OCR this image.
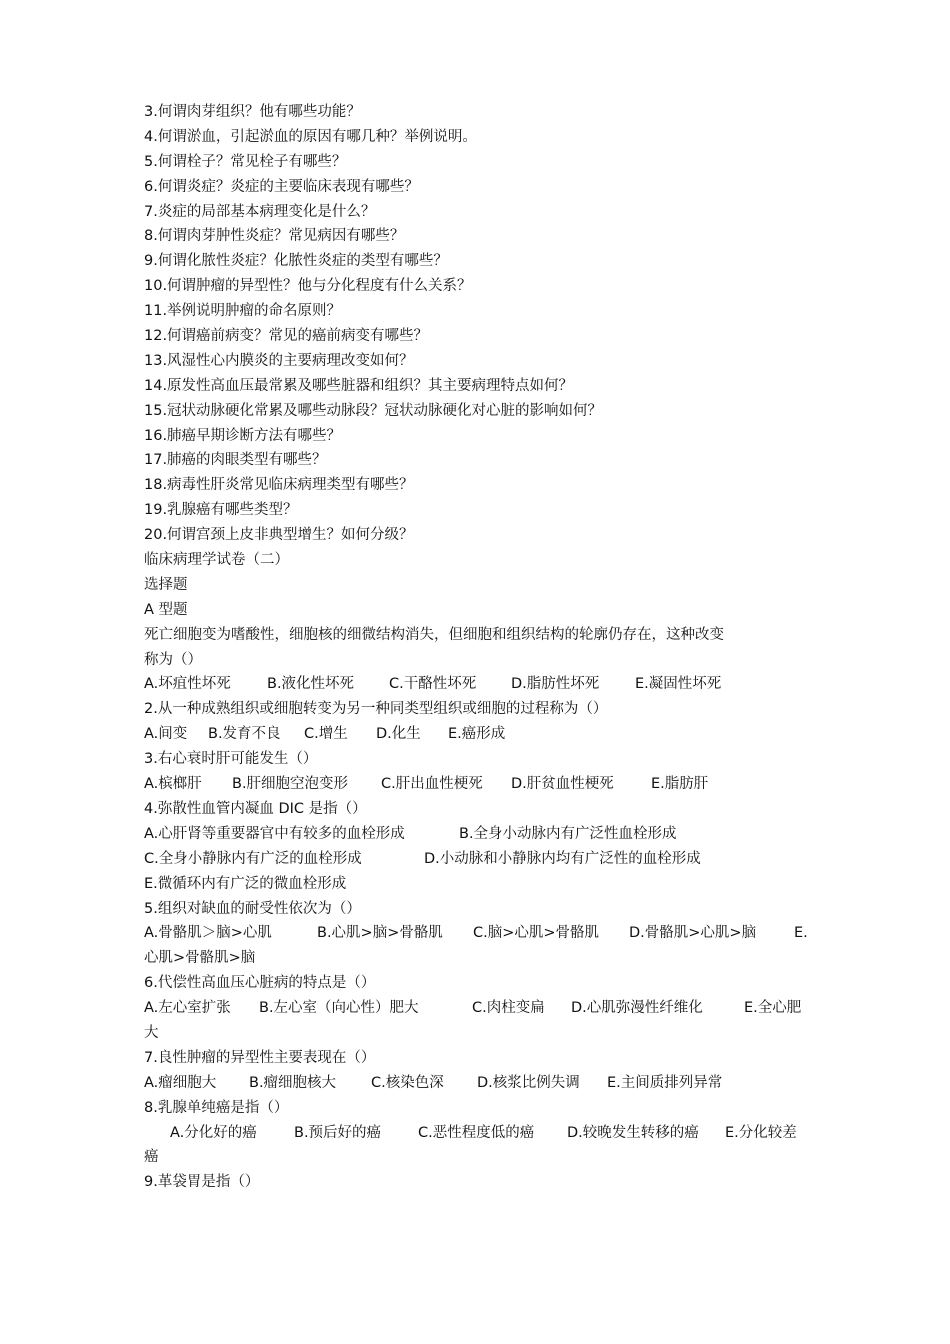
3.何谓肉芽组织？他有哪些功能？
4.何谓淤血，引起淤血的原因有哪几种？举例说明。
5.何谓栓子？常见栓子有哪些？
6.何谓炎症？炎症的主要临床表现有哪些？
7.炎症的局部基本病理变化是什么？
8.何谓肉芽肿性炎症？常见病因有哪些？
9.何谓化脓性炎症？化脓性炎症的类型有哪些？
10.何谓肿瘤的异型性？他与分化程度有什么关系？
11.举例说明肿瘤的命名原则？
12.何谓癌前病变？常见的癌前病变有哪些？
13.风湿性心内膜炎的主要病理改变如何？
14.原发性高血压最常累及哪些脏器和组织？其主要病理特点如何？
15.冠状动脉硬化常累及哪些动脉段？冠状动脉硬化对心脏的影响如何？
16.肺癌早期诊断方法有哪些？
17.肺癌的肉眼类型有哪些？
18.病毒性肝炎常见临床病理类型有哪些？
19.乳腺癌有哪些类型？
20.何谓宫颈上皮非典型增生？如何分级？
临床病理学试卷（二）
选择题
A 型题
死亡细胞变为嗜酸性，细胞核的细微结构消失，但细胞和组织结构的轮廓仍存在，这种改变
称为（）
A.坏疽性坏死	B.液化性坏死	C.干酪性坏死	D.脂肪性坏死	E.凝固性坏死
2.从一种成熟组织或细胞转变为另一种同类型组织或细胞的过程称为（）
A.间变	B.发育不良	C.增生	D.化生	E.癌形成
3.右心衰时肝可能发生（）
A.槟榔肝	B.肝细胞空泡变形	C.肝出血性梗死	D.肝贫血性梗死	E.脂肪肝
4.弥散性血管内凝血 DIC 是指（）
A.心肝肾等重要器官中有较多的血栓形成	B.全身小动脉内有广泛性血栓形成
C.全身小静脉内有广泛的血栓形成	D.小动脉和小静脉内均有广泛性的血栓形成
E.微循环内有广泛的微血栓形成
5.组织对缺血的耐受性依次为（）
A.骨骼肌＞脑>心肌	B.心肌>脑>骨骼肌	C.脑>心肌>骨骼肌	D.骨骼肌>心肌>脑	E.
心肌>骨骼肌>脑
6.代偿性高血压心脏病的特点是（）
A.左心室扩张	B.左心室（向心性）肥大	C.肉柱变扁	D.心肌弥漫性纤维化	E.全心肥
大
7.良性肿瘤的异型性主要表现在（）
A.瘤细胞大	B.瘤细胞核大	C.核染色深	D.核浆比例失调	E.主间质排列异常
8.乳腺单纯癌是指（）
A.分化好的癌	B.预后好的癌	C.恶性程度低的癌	D.较晚发生转移的癌	E.分化较差
癌
9.革袋胃是指（）
